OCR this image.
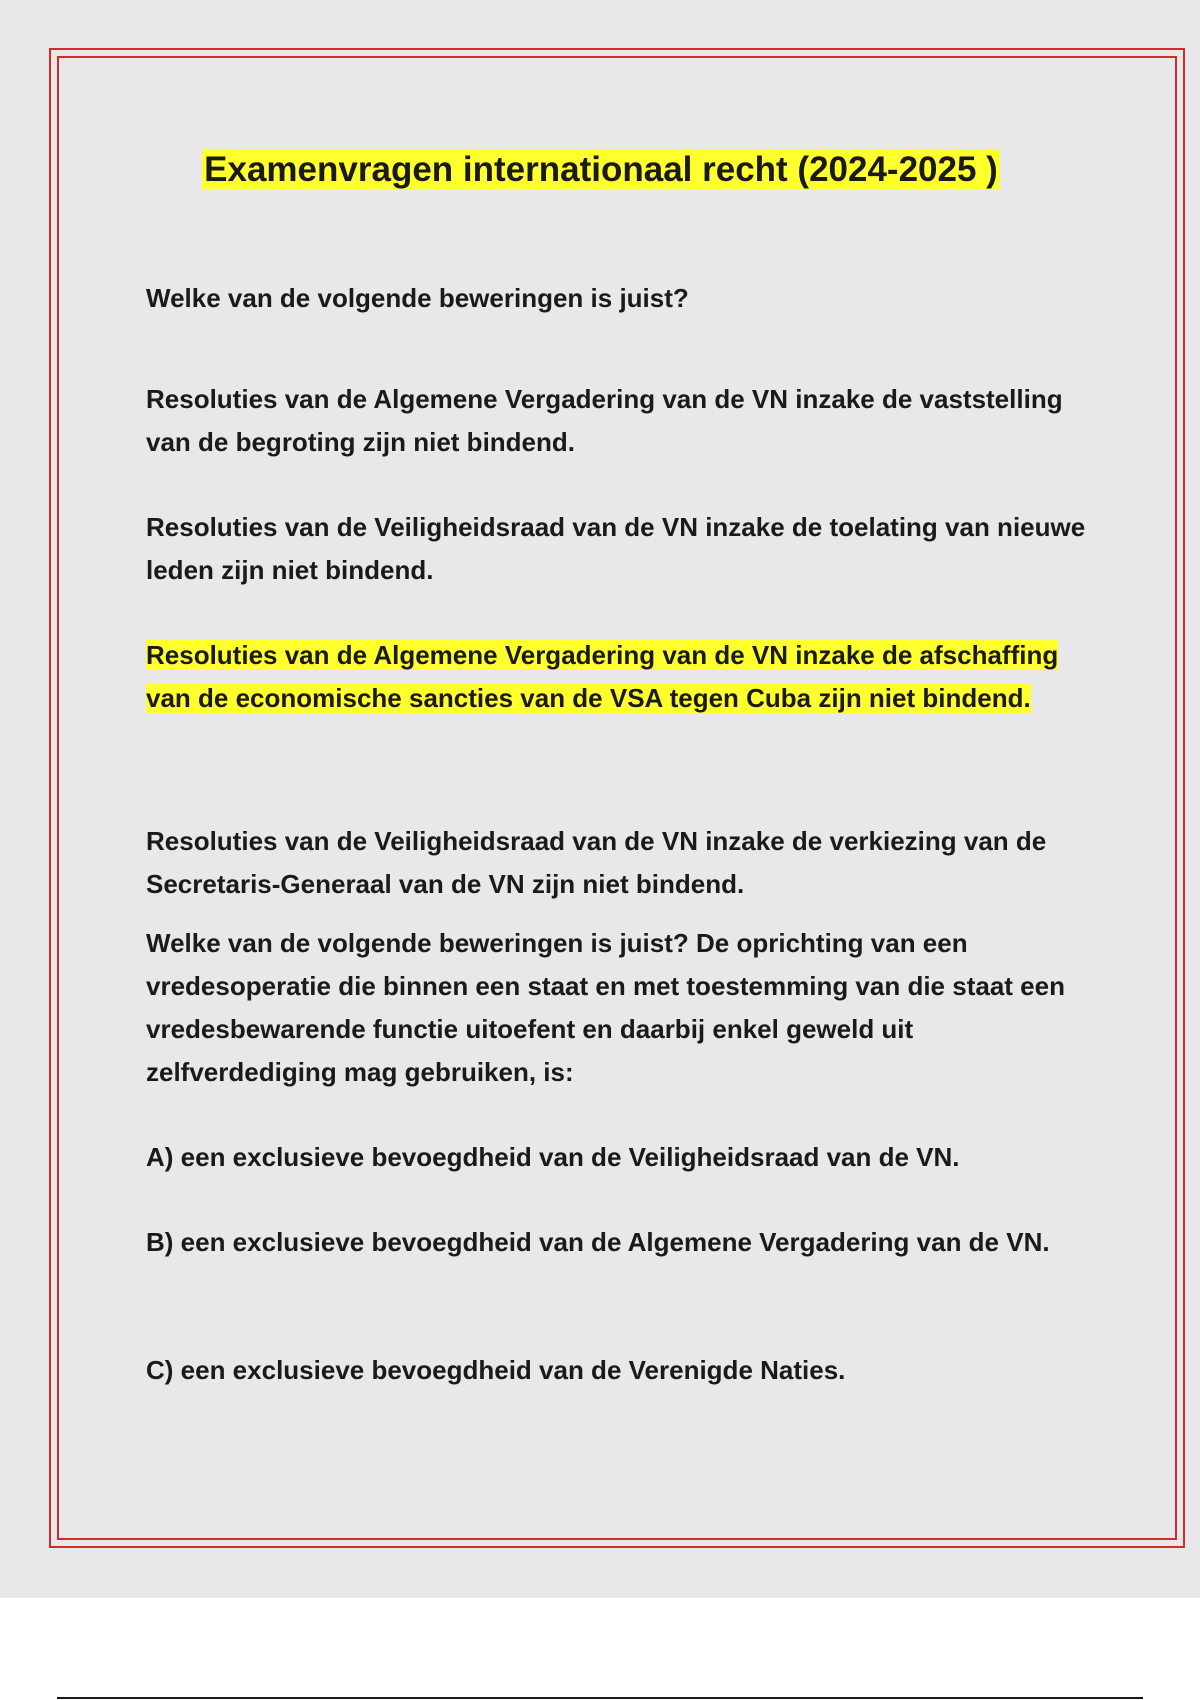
Examenvragen internationaal recht (2024-2025 )

Welke van de volgende beweringen is juist?

Resoluties van de Algemene Vergadering van de VN inzake de vaststelling van de begroting zijn niet bindend.

Resoluties van de Veiligheidsraad van de VN inzake de toelating van nieuwe leden zijn niet bindend.

Resoluties van de Algemene Vergadering van de VN inzake de afschaffing van de economische sancties van de VSA tegen Cuba zijn niet bindend.

Resoluties van de Veiligheidsraad van de VN inzake de verkiezing van de Secretaris-Generaal van de VN zijn niet bindend.

Welke van de volgende beweringen is juist? De oprichting van een vredesoperatie die binnen een staat en met toestemming van die staat een vredesbewarende functie uitoefent en daarbij enkel geweld uit zelfverdediging mag gebruiken, is:

A) een exclusieve bevoegdheid van de Veiligheidsraad van de VN.

B) een exclusieve bevoegdheid van de Algemene Vergadering van de VN.

C) een exclusieve bevoegdheid van de Verenigde Naties.
